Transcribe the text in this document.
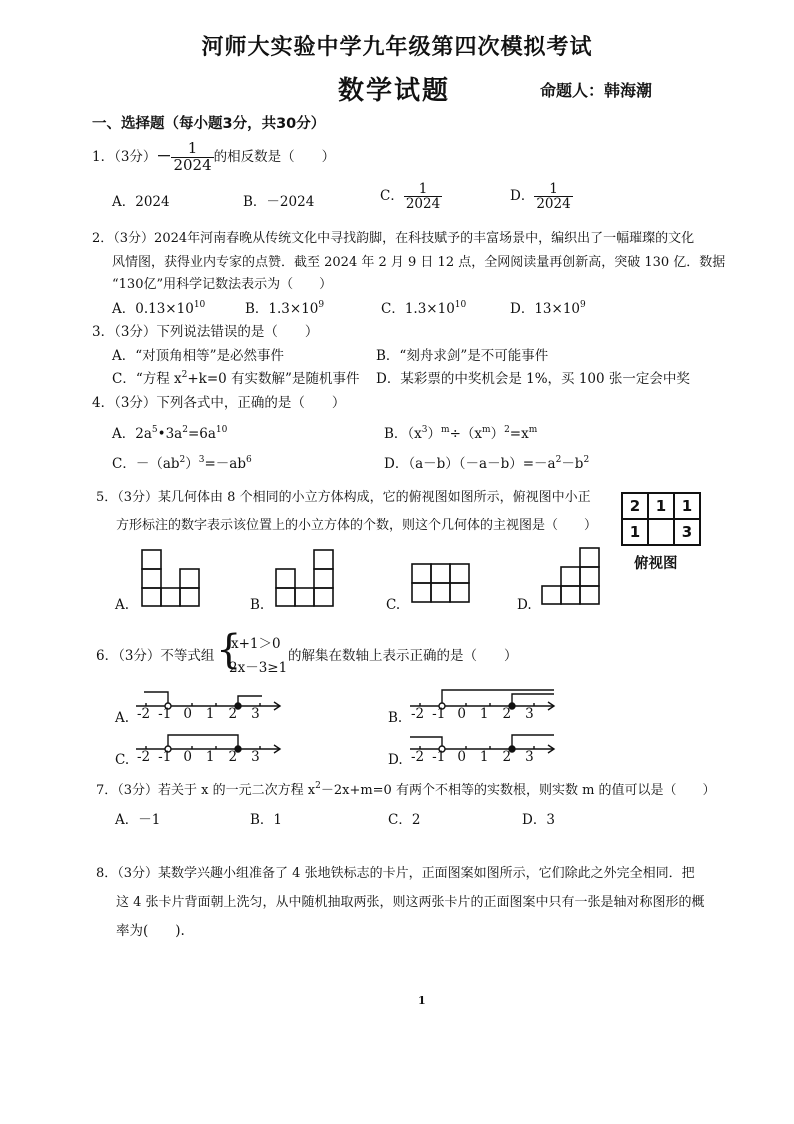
河师大实验中学九年级第四次模拟考试
数学试题	命题人：韩海潮
一、选择题（每小题3分，共30分）
1．（3分）－ $\frac{1}{2024}$ 的相反数是（　　）
A．2024	B．－2024	C． $\frac{1}{2024}$	D． $\frac{1}{2024}$
2．（3分）2024年河南春晚从传统文化中寻找韵脚，在科技赋予的丰富场景中，编织出了一幅璀璨的文化
风情图，获得业内专家的点赞．截至 2024 年 2 月 9 日 12 点，全网阅读量再创新高，突破 130 亿．数据
“130亿”用科学记数法表示为（　　）
A．$0.13\times 10^{10}$	B．$1.3\times 10^9$	C．$1.3\times 10^{10}$	D．$13\times 10^9$
3．（3分）下列说法错误的是（　　）
A．“对顶角相等”是必然事件	B．“刻舟求剑”是不可能事件
C．“方程 $x^2+k=0$ 有实数解”是随机事件 D．某彩票的中奖机会是 1%，买 100 张一定会中奖
4．（3分）下列各式中，正确的是（　　）
A．$2a^5•3a^2=6a^{10}$	B．$(x^3)^m\div(x^m)^2=x^m$
C．$-(ab^2)^3=-ab^6$	D．$(a-b)(-a-b)=-a^2-b^2$
5．（3分）某几何体由 8 个相同的小立方体构成，它的俯视图如图所示，俯视图中小正
方形标注的数字表示该位置上的小立方体的个数，则这个几何体的主视图是（　　）
2	1	1
1		3
俯视图
A.	B.	C.	D.
6．（3分）不等式组 {
x+1＞0
2x－3≥1
的解集在数轴上表示正确的是（　　）
A. -2 -1 0 1 2 3	B. -2 -1 0 1 2 3
C. -2 -1 0 1 2 3	D. -2 -1 0 1 2 3
7．（3分）若关于 x 的一元二次方程 $x^2-2x+m=0$ 有两个不相等的实数根，则实数 m 的值可以是（　　）
A．－1	B．1	C．2	D．3
8．（3分）某数学兴趣小组准备了 4 张地铁标志的卡片，正面图案如图所示，它们除此之外完全相同．把
这 4 张卡片背面朝上洗匀，从中随机抽取两张，则这两张卡片的正面图案中只有一张是轴对称图形的概
率为(　　).
1
